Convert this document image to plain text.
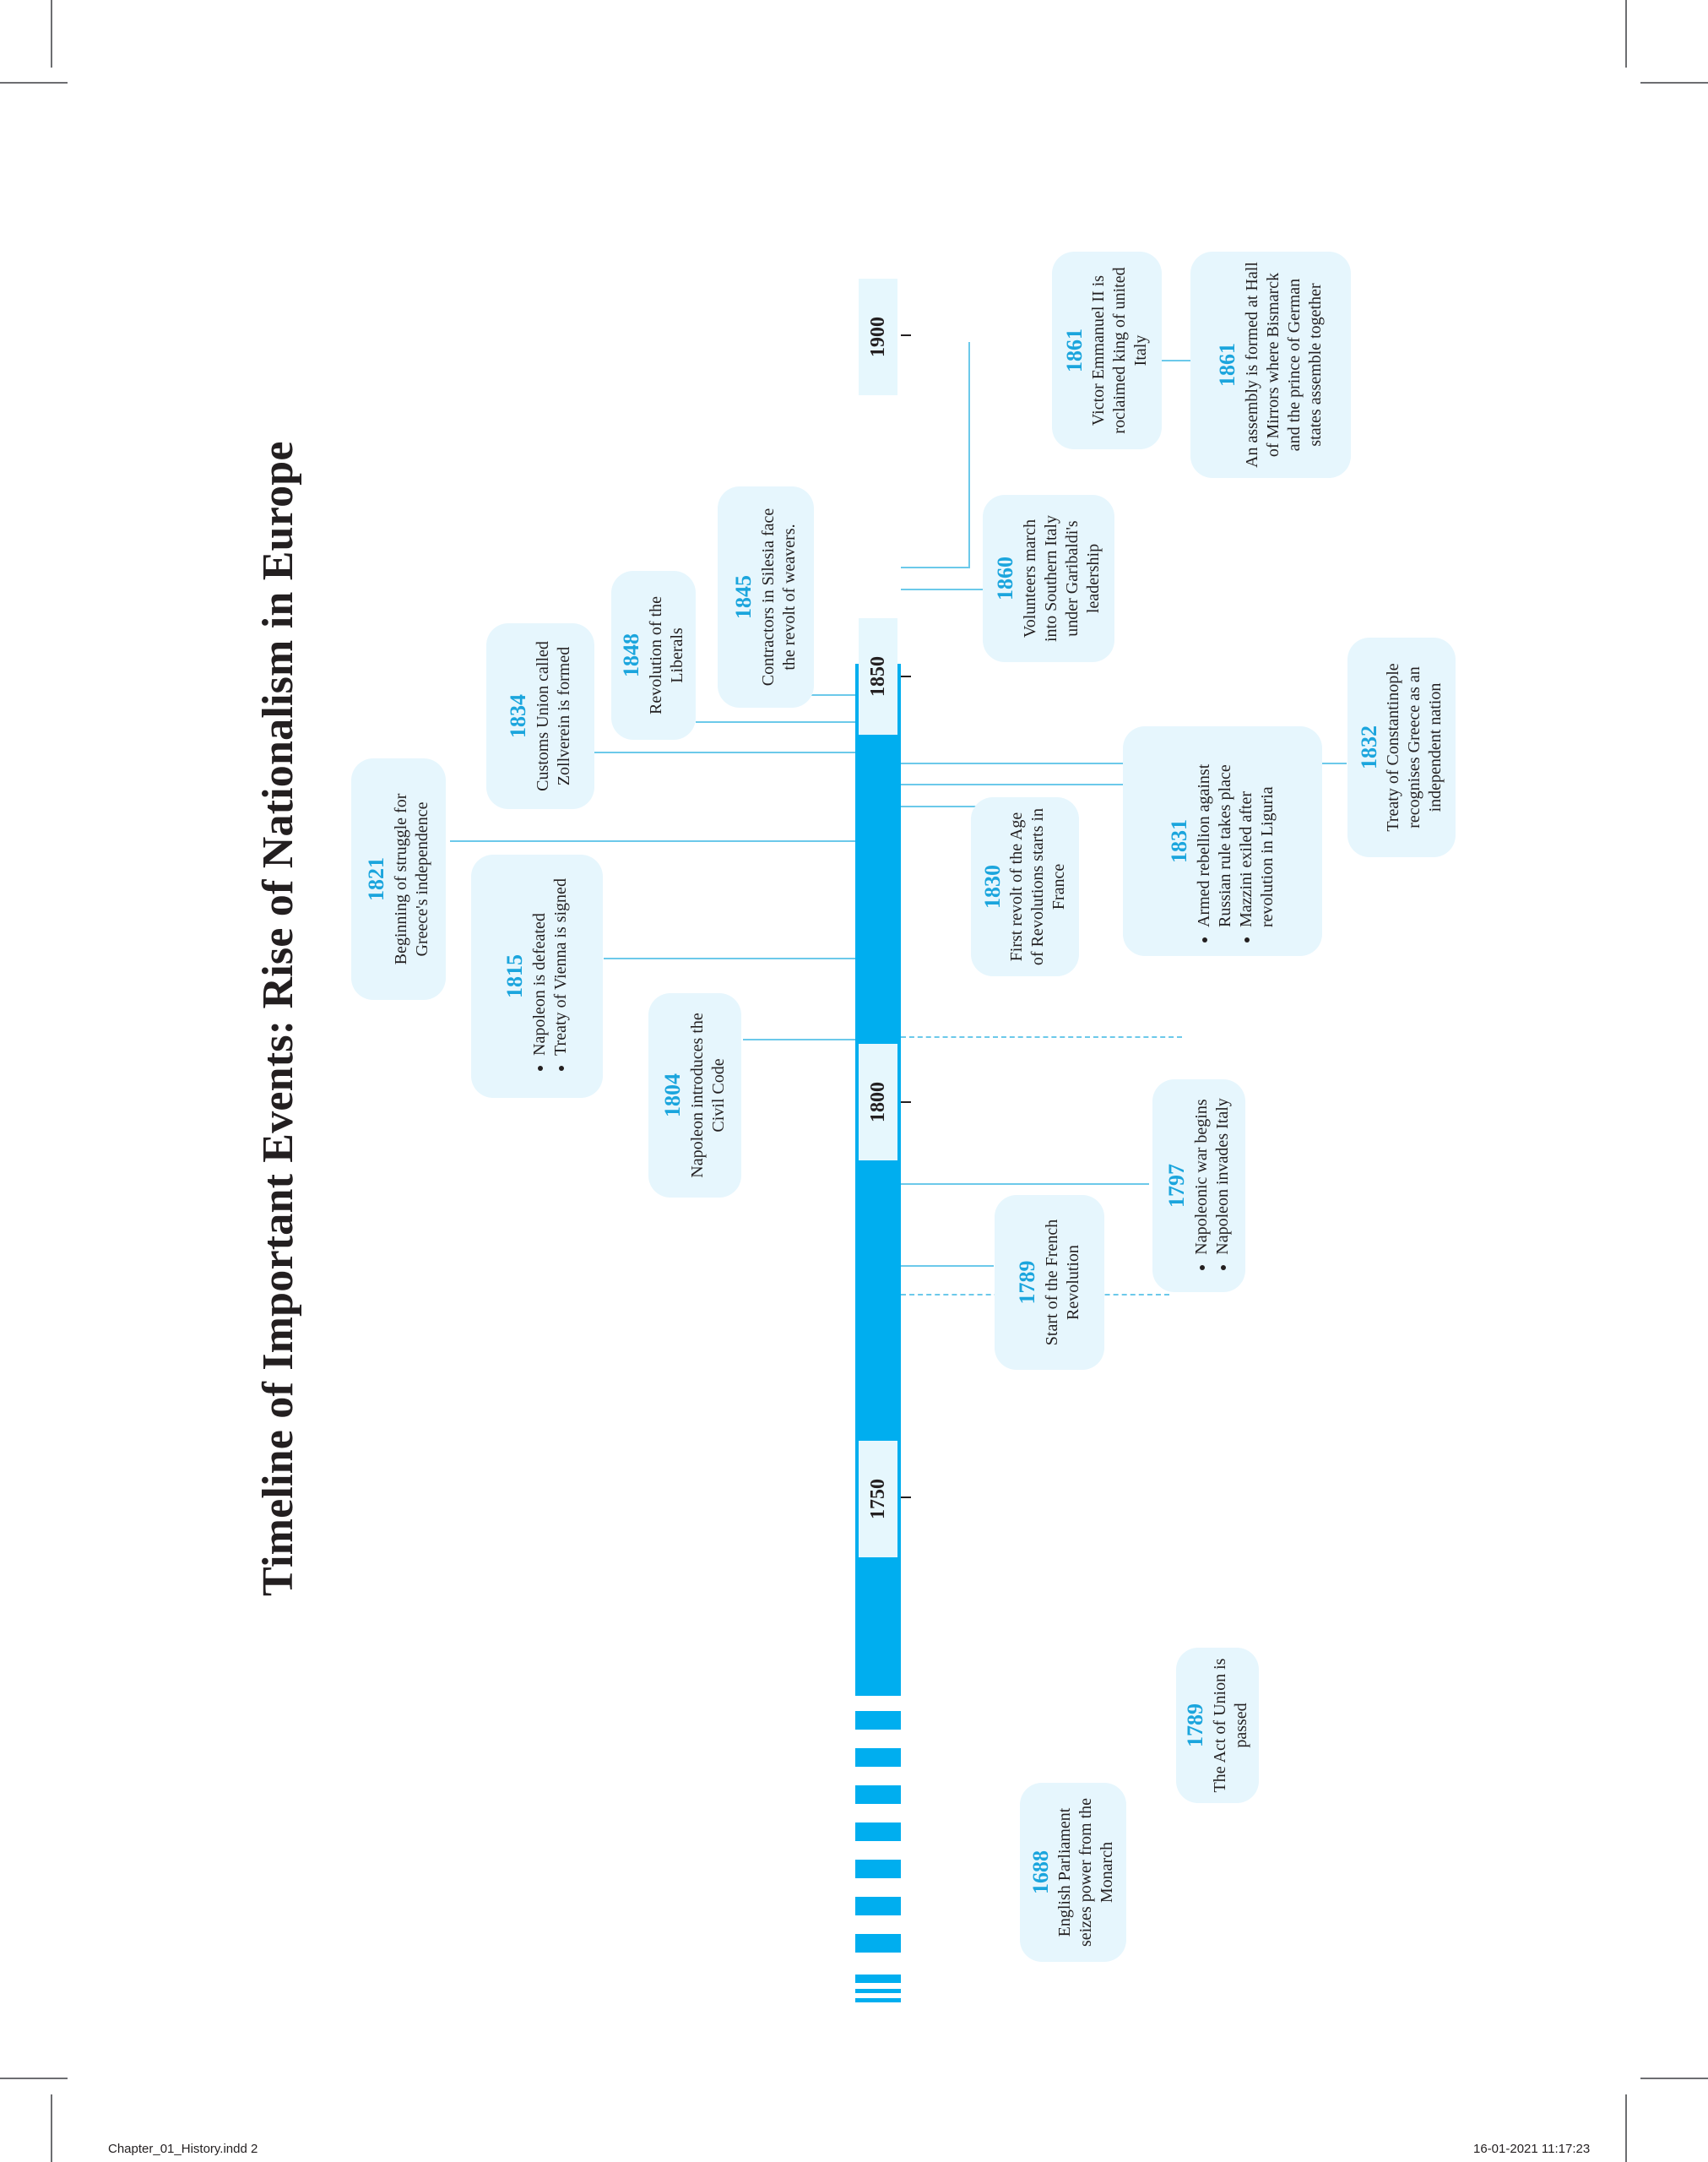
Timeline of Important Events: Rise of Nationalism in Europe	1750
1800
1850
1900
1688 English Parliament seizes power from the Monarch
1789 The Act of Union is passed
1789 Start of the French Revolution
1797 • Napoleonic war begins • Napoleon invades Italy
1804 Napoleon introduces the Civil Code
1815 • Napoleon is defeated • Treaty of Vienna is signed
1821 Beginning of struggle for Greece's independence	1830 First revolt of the Age of Revolutions starts in France
1831 • Armed rebellion against Russian rule takes place • Mazzini exiled after revolution in Liguria
1832 Treaty of Constantinople recognises Greece as an independent nation
1834 Customs Union called Zollverein is formed
1845 Contractors in Silesia face the revolt of weavers.
1848 Revolution of the Liberals
1860 Volunteers march into Southern Italy under Garibaldi's leadership
1861 Victor Emmanuel II is roclaimed king of united Italy	1861 An assembly is formed at Hall of Mirrors where Bismarck and the prince of German states assemble together
Chapter_01_History.indd 2	16-01-2021 11:17:23
